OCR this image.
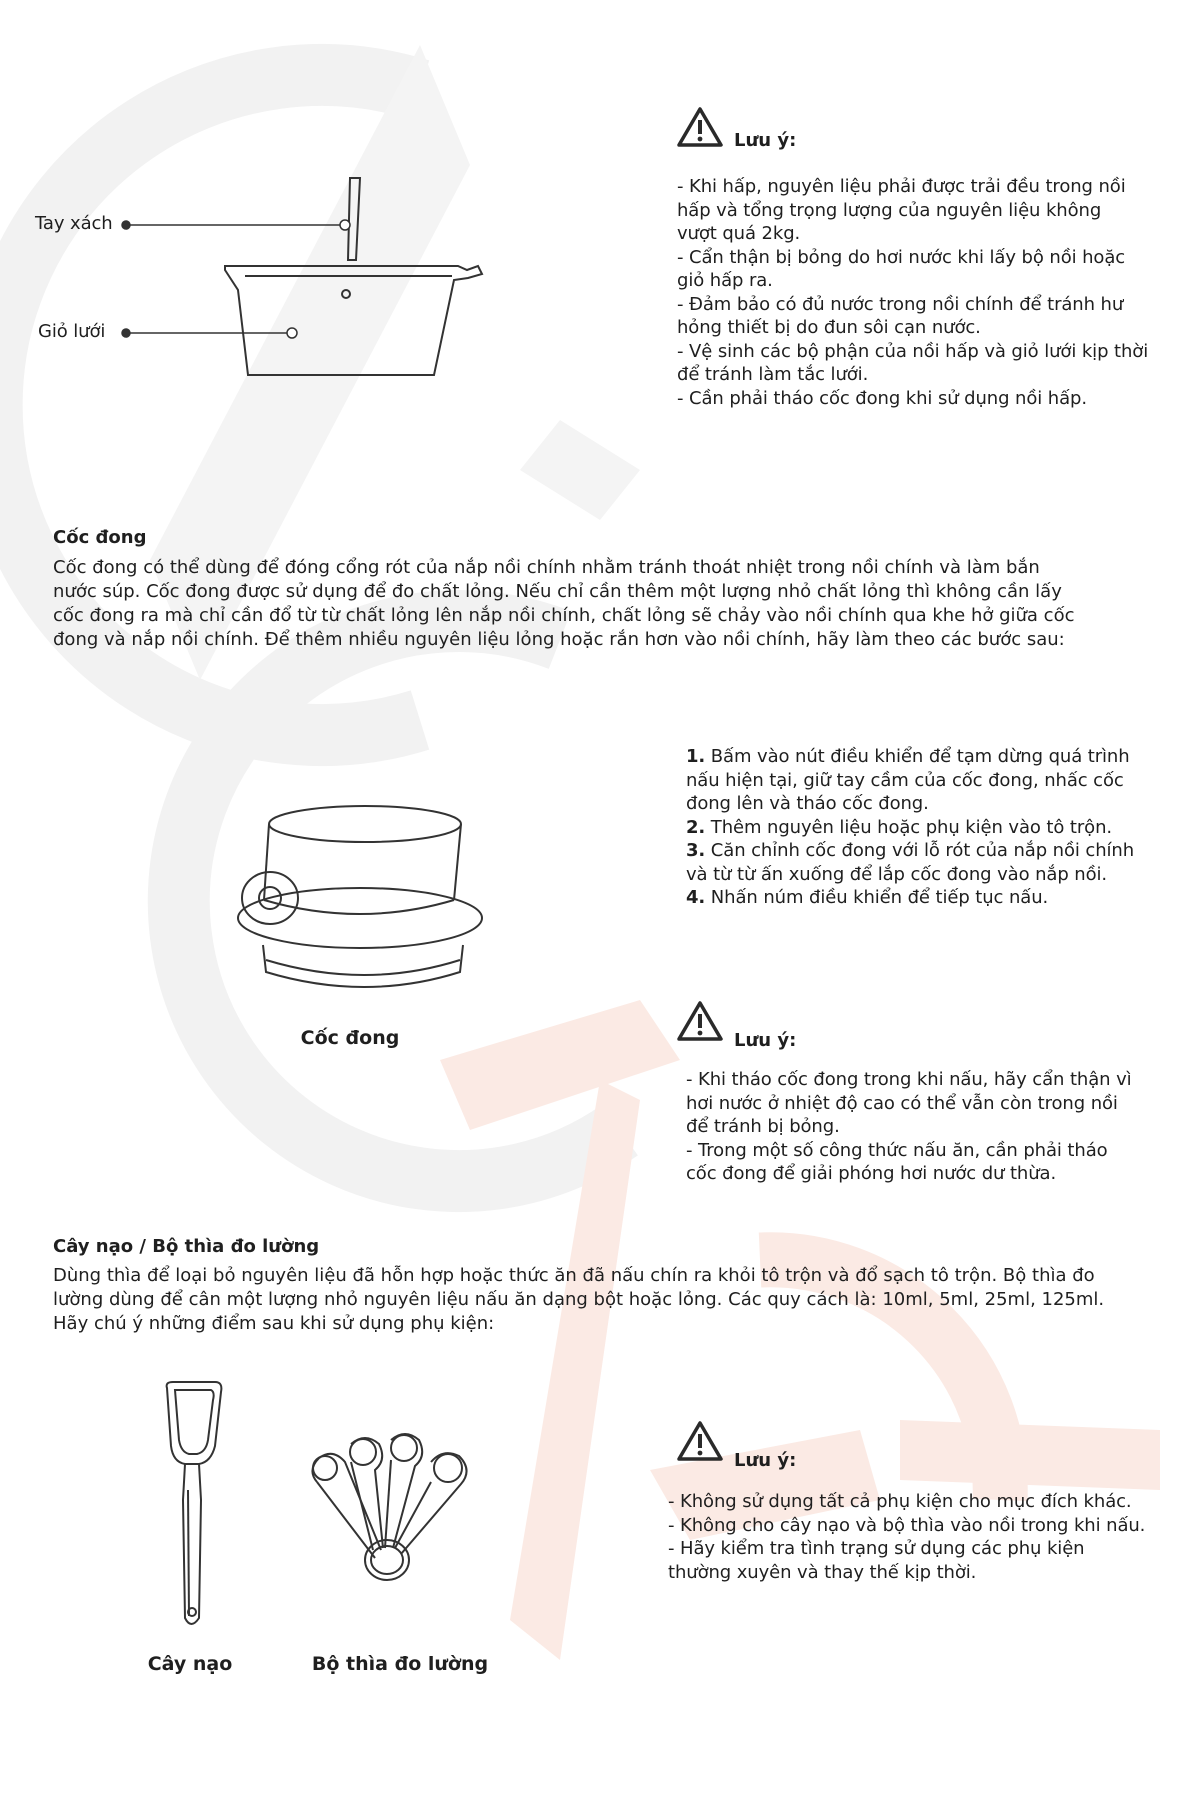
Tay xách
Giỏ lưới
Lưu ý:
- Khi hấp, nguyên liệu phải được trải đều trong nồi
hấp và tổng trọng lượng của nguyên liệu không
vượt quá 2kg.
- Cẩn thận bị bỏng do hơi nước khi lấy bộ nồi hoặc
giỏ hấp ra.
- Đảm bảo có đủ nước trong nồi chính để tránh hư
hỏng thiết bị do đun sôi cạn nước.
- Vệ sinh các bộ phận của nồi hấp và giỏ lưới kịp thời
để tránh làm tắc lưới.
- Cần phải tháo cốc đong khi sử dụng nồi hấp.
Cốc đong
Cốc đong có thể dùng để đóng cổng rót của nắp nồi chính nhằm tránh thoát nhiệt trong nồi chính và làm bắn
nước súp. Cốc đong được sử dụng để đo chất lỏng. Nếu chỉ cần thêm một lượng nhỏ chất lỏng thì không cần lấy
cốc đong ra mà chỉ cần đổ từ từ chất lỏng lên nắp nồi chính, chất lỏng sẽ chảy vào nồi chính qua khe hở giữa cốc
đong và nắp nồi chính. Để thêm nhiều nguyên liệu lỏng hoặc rắn hơn vào nồi chính, hãy làm theo các bước sau:
Cốc đong
1. Bấm vào nút điều khiển để tạm dừng quá trình
nấu hiện tại, giữ tay cầm của cốc đong, nhấc cốc
đong lên và tháo cốc đong.
2. Thêm nguyên liệu hoặc phụ kiện vào tô trộn.
3. Căn chỉnh cốc đong với lỗ rót của nắp nồi chính
và từ từ ấn xuống để lắp cốc đong vào nắp nồi.
4. Nhấn núm điều khiển để tiếp tục nấu.
Lưu ý:
- Khi tháo cốc đong trong khi nấu, hãy cẩn thận vì
hơi nước ở nhiệt độ cao có thể vẫn còn trong nồi
để tránh bị bỏng.
- Trong một số công thức nấu ăn, cần phải tháo
cốc đong để giải phóng hơi nước dư thừa.
Cây nạo / Bộ thìa đo lường
Dùng thìa để loại bỏ nguyên liệu đã hỗn hợp hoặc thức ăn đã nấu chín ra khỏi tô trộn và đổ sạch tô trộn. Bộ thìa đo
lường dùng để cân một lượng nhỏ nguyên liệu nấu ăn dạng bột hoặc lỏng. Các quy cách là: 10ml, 5ml, 25ml, 125ml.
Hãy chú ý những điểm sau khi sử dụng phụ kiện:
Cây nạo	Bộ thìa đo lường
Lưu ý:
- Không sử dụng tất cả phụ kiện cho mục đích khác.
- Không cho cây nạo và bộ thìa vào nồi trong khi nấu.
- Hãy kiểm tra tình trạng sử dụng các phụ kiện
thường xuyên và thay thế kịp thời.
